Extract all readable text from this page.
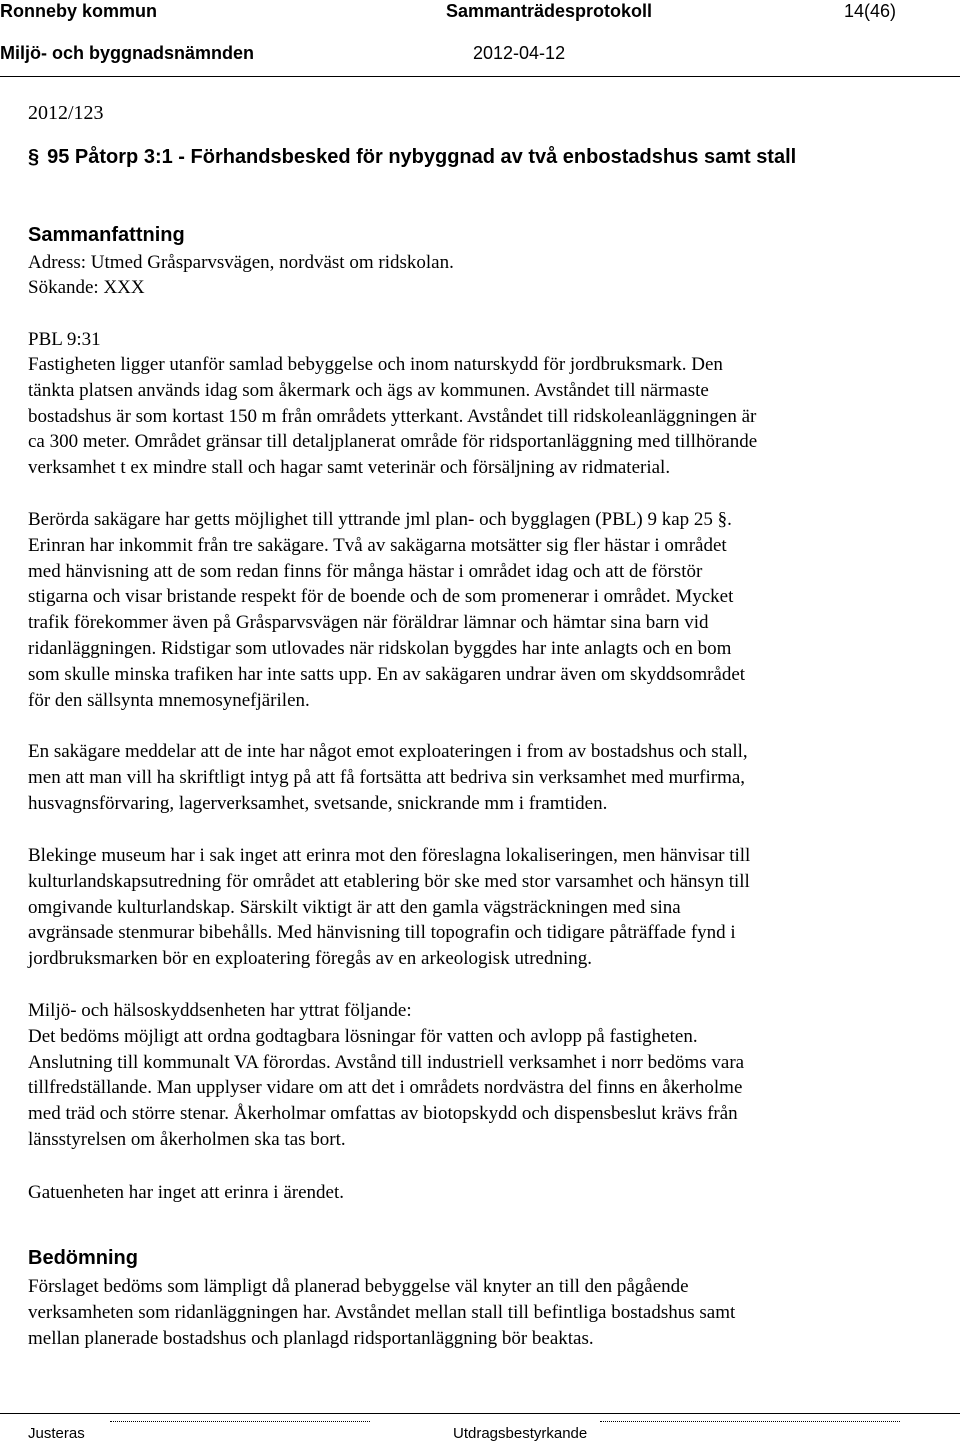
Ronneby kommun	Sammanträdesprotokoll	14(46)
Miljö- och byggnadsnämnden	2012-04-12
2012/123
§ 95 Påtorp 3:1 - Förhandsbesked för nybyggnad av två enbostadshus samt stall
Sammanfattning
Adress: Utmed Gråsparvsvägen, nordväst om ridskolan.
Sökande: XXX
PBL 9:31
Fastigheten ligger utanför samlad bebyggelse och inom naturskydd för jordbruksmark. Den
tänkta platsen används idag som åkermark och ägs av kommunen. Avståndet till närmaste
bostadshus är som kortast 150 m från områdets ytterkant. Avståndet till ridskoleanläggningen är
ca 300 meter. Området gränsar till detaljplanerat område för ridsportanläggning med tillhörande
verksamhet t ex mindre stall och hagar samt veterinär och försäljning av ridmaterial.
Berörda sakägare har getts möjlighet till yttrande jml plan- och bygglagen (PBL) 9 kap 25 §.
Erinran har inkommit från tre sakägare. Två av sakägarna motsätter sig fler hästar i området
med hänvisning att de som redan finns för många hästar i området idag och att de förstör
stigarna och visar bristande respekt för de boende och de som promenerar i området. Mycket
trafik förekommer även på Gråsparvsvägen när föräldrar lämnar och hämtar sina barn vid
ridanläggningen. Ridstigar som utlovades när ridskolan byggdes har inte anlagts och en bom
som skulle minska trafiken har inte satts upp. En av sakägaren undrar även om skyddsområdet
för den sällsynta mnemosynefjärilen.
En sakägare meddelar att de inte har något emot exploateringen i from av bostadshus och stall,
men att man vill ha skriftligt intyg på att få fortsätta att bedriva sin verksamhet med murfirma,
husvagnsförvaring, lagerverksamhet, svetsande, snickrande mm i framtiden.
Blekinge museum har i sak inget att erinra mot den föreslagna lokaliseringen, men hänvisar till
kulturlandskapsutredning för området att etablering bör ske med stor varsamhet och hänsyn till
omgivande kulturlandskap. Särskilt viktigt är att den gamla vägsträckningen med sina
avgränsade stenmurar bibehålls. Med hänvisning till topografin och tidigare påträffade fynd i
jordbruksmarken bör en exploatering föregås av en arkeologisk utredning.
Miljö- och hälsoskyddsenheten har yttrat följande:
Det bedöms möjligt att ordna godtagbara lösningar för vatten och avlopp på fastigheten.
Anslutning till kommunalt VA förordas. Avstånd till industriell verksamhet i norr bedöms vara
tillfredställande. Man upplyser vidare om att det i områdets nordvästra del finns en åkerholme
med träd och större stenar. Åkerholmar omfattas av biotopskydd och dispensbeslut krävs från
länsstyrelsen om åkerholmen ska tas bort.
Gatuenheten har inget att erinra i ärendet.
Bedömning
Förslaget bedöms som lämpligt då planerad bebyggelse väl knyter an till den pågående
verksamheten som ridanläggningen har. Avståndet mellan stall till befintliga bostadshus samt
mellan planerade bostadshus och planlagd ridsportanläggning bör beaktas.
Justeras	Utdragsbestyrkande
